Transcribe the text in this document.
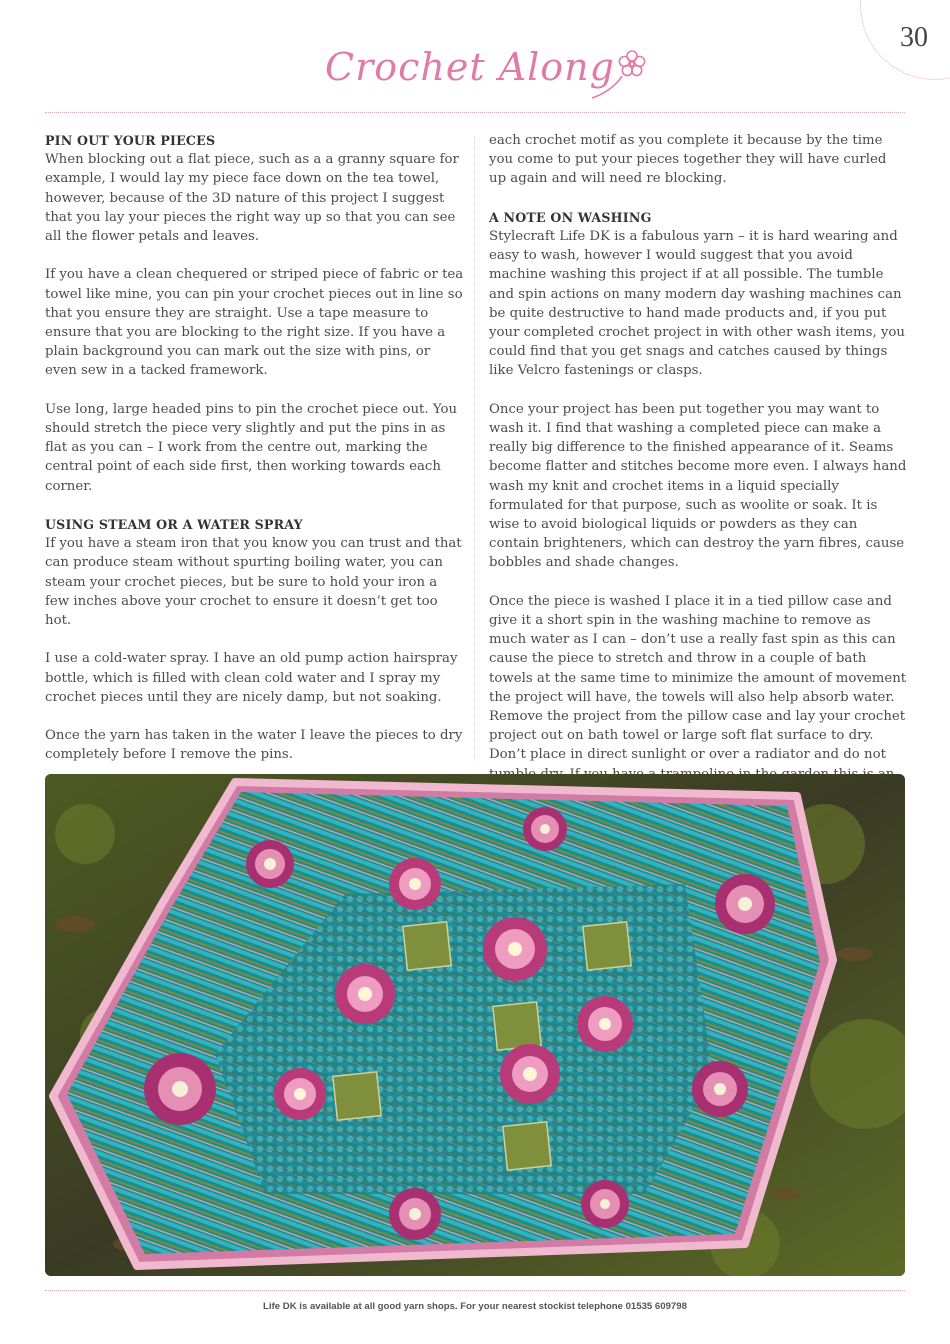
30
Crochet Along
PIN OUT YOUR PIECES

When blocking out a flat piece, such as a a granny square for example, I would lay my piece face down on the tea towel, however, because of the 3D nature of this project I suggest that you lay your pieces the right way up so that you can see all the flower petals and leaves.

If you have a clean chequered or striped piece of fabric or tea towel like mine, you can pin your crochet pieces out in line so that you ensure they are straight. Use a tape measure to ensure that you are blocking to the right size. If you have a plain background you can mark out the size with pins, or even sew in a tacked framework.

Use long, large headed pins to pin the crochet piece out. You should stretch the piece very slightly and put the pins in as flat as you can – I work from the centre out, marking the central point of each side first, then working towards each corner.

USING STEAM OR A WATER SPRAY

If you have a steam iron that you know you can trust and that can produce steam without spurting boiling water, you can steam your crochet pieces, but be sure to hold your iron a few inches above your crochet to ensure it doesn’t get too hot.

I use a cold-water spray. I have an old pump action hairspray bottle, which is filled with clean cold water and I spray my crochet pieces until they are nicely damp, but not soaking.

Once the yarn has taken in the water I leave the pieces to dry completely before I remove the pins.

each crochet motif as you complete it because by the time you come to put your pieces together they will have curled up again and will need re blocking.

A NOTE ON WASHING

Stylecraft Life DK is a fabulous yarn – it is hard wearing and easy to wash, however I would suggest that you avoid machine washing this project if at all possible. The tumble and spin actions on many modern day washing machines can be quite destructive to hand made products and, if you put your completed crochet project in with other wash items, you could find that you get snags and catches caused by things like Velcro fastenings or clasps.

Once your project has been put together you may want to wash it. I find that washing a completed piece can make a really big difference to the finished appearance of it. Seams become flatter and stitches become more even. I always hand wash my knit and crochet items in a liquid specially formulated for that purpose, such as woolite or soak. It is wise to avoid biological liquids or powders as they can contain brighteners, which can destroy the yarn fibres, cause bobbles and shade changes.

Once the piece is washed I place it in a tied pillow case and give it a short spin in the washing machine to remove as much water as I can – don’t use a really fast spin as this can cause the piece to stretch and throw in a couple of bath towels at the same time to minimize the amount of movement the project will have, the towels will also help absorb water. Remove the project from the pillow case and lay your crochet project out on bath towel or large soft flat surface to dry. Don’t place in direct sunlight or over a radiator and do not

Life DK is available at all good yarn shops. For your nearest stockist telephone 01535 609798
